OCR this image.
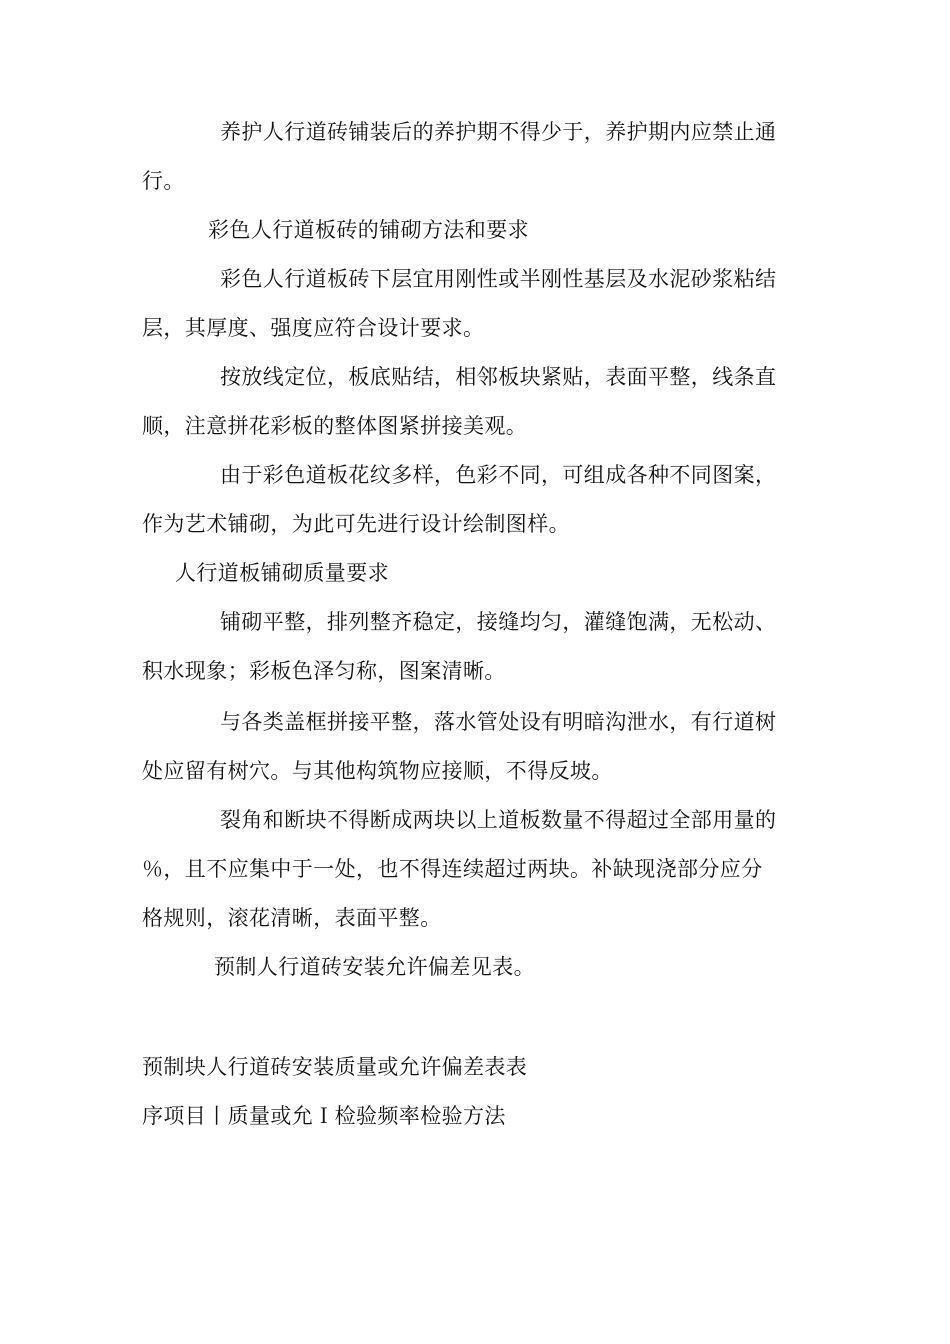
养护人行道砖铺装后的养护期不得少于，养护期内应禁止通
行。
彩色人行道板砖的铺砌方法和要求
彩色人行道板砖下层宜用刚性或半刚性基层及水泥砂浆粘结
层，其厚度、强度应符合设计要求。
按放线定位，板底贴结，相邻板块紧贴，表面平整，线条直
顺，注意拼花彩板的整体图紧拼接美观。
由于彩色道板花纹多样，色彩不同，可组成各种不同图案，
作为艺术铺砌，为此可先进行设计绘制图样。
人行道板铺砌质量要求
铺砌平整，排列整齐稳定，接缝均匀，灌缝饱满，无松动、
积水现象；彩板色泽匀称，图案清晰。
与各类盖框拼接平整，落水管处设有明暗沟泄水，有行道树
处应留有树穴。与其他构筑物应接顺，不得反坡。
裂角和断块不得断成两块以上道板数量不得超过全部用量的
％，且不应集中于一处，也不得连续超过两块。补缺现浇部分应分
格规则，滚花清晰，表面平整。
预制人行道砖安装允许偏差见表。
预制块人行道砖安装质量或允许偏差表表
序项目丨质量或允Ｉ检验频率检验方法
